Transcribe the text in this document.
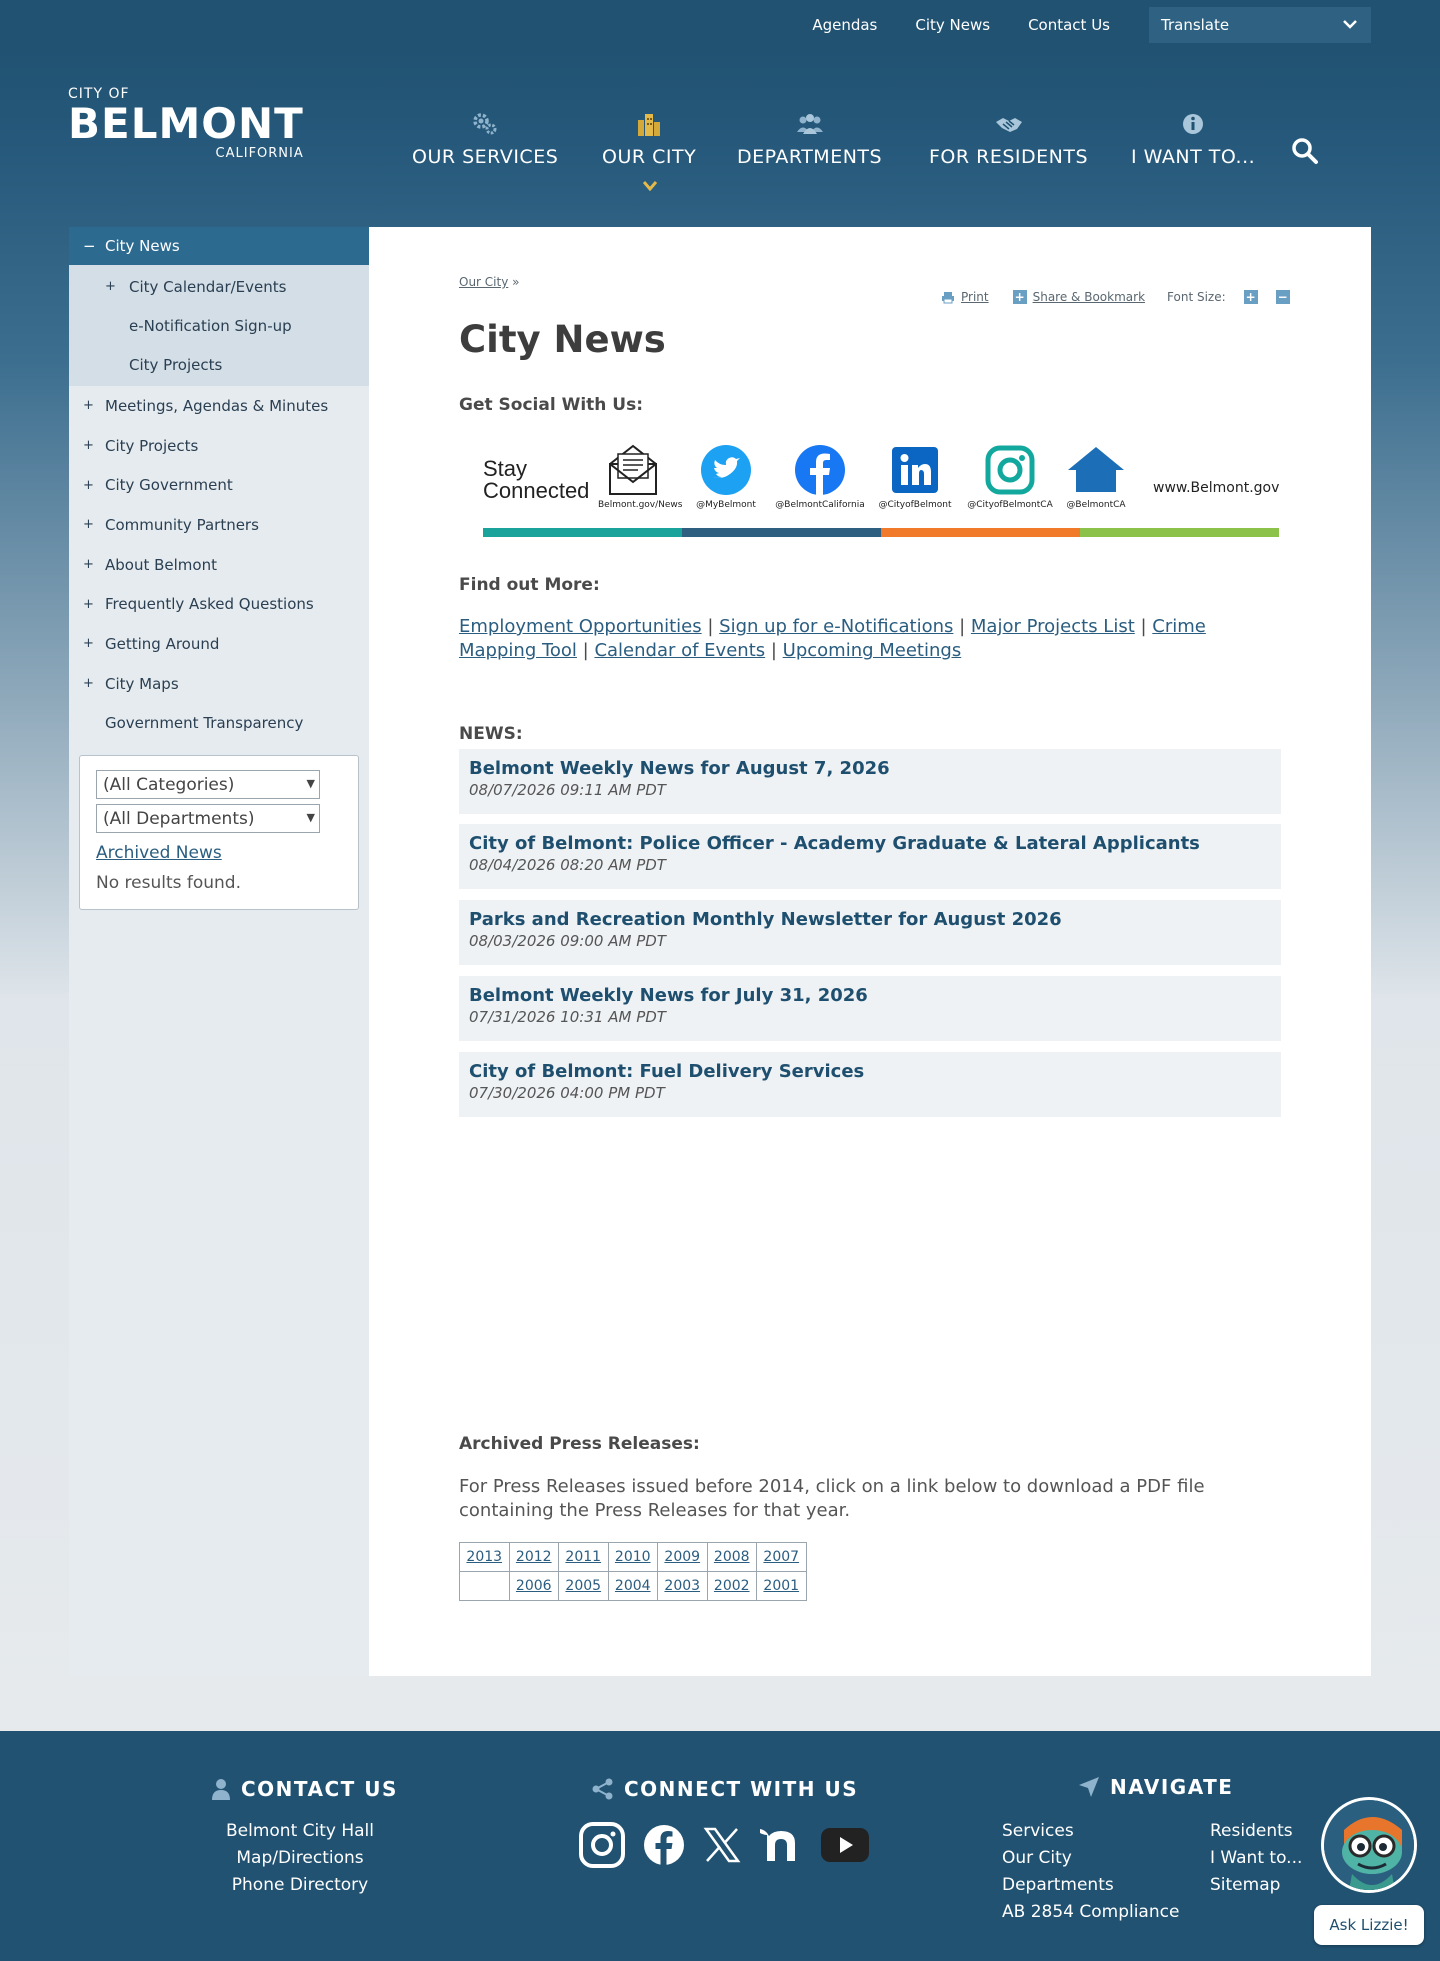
Agendas	City News	Contact Us	Translate
CITY OF
BELMONT
CALIFORNIA	OUR SERVICES OUR CITY DEPARTMENTS FOR RESIDENTS I WANT TO...
− City News
+ City Calendar/Events
e-Notification Sign-up
City Projects
+ Meetings, Agendas & Minutes
+ City Projects
+ City Government
+ Community Partners
+ About Belmont
+ Frequently Asked Questions
+ Getting Around
+ City Maps
Government Transparency
(All Categories)	▼
(All Departments)	▼
Archived News
No results found.
Our City »
Print + Share & Bookmark Font Size: + −
City News
Get Social With Us:
Stay
Connected
Belmont.gov/News	@MyBelmont	@BelmontCalifornia	@CityofBelmont	@CityofBelmontCA	@BelmontCA
www.Belmont.gov
Find out More:
Employment Opportunities | Sign up for e-Notifications | Major Projects List | Crime Mapping Tool | Calendar of Events | Upcoming Meetings
NEWS:
Belmont Weekly News for August 7, 2026
08/07/2026 09:11 AM PDT
City of Belmont: Police Officer - Academy Graduate & Lateral Applicants
08/04/2026 08:20 AM PDT
Parks and Recreation Monthly Newsletter for August 2026
08/03/2026 09:00 AM PDT
Belmont Weekly News for July 31, 2026
07/31/2026 10:31 AM PDT
City of Belmont: Fuel Delivery Services
07/30/2026 04:00 PM PDT
Archived Press Releases:
For Press Releases issued before 2014, click on a link below to download a PDF file containing the Press Releases for that year.
2013	2012	2011	2010	2009	2008	2007
	2006	2005	2004	2003	2002	2001
CONTACT US
Belmont City Hall
Map/Directions
Phone Directory
CONNECT WITH US	NAVIGATE
Services
Our City
Departments
AB 2854 Compliance
Residents
I Want to...
Sitemap
Ask Lizzie!
